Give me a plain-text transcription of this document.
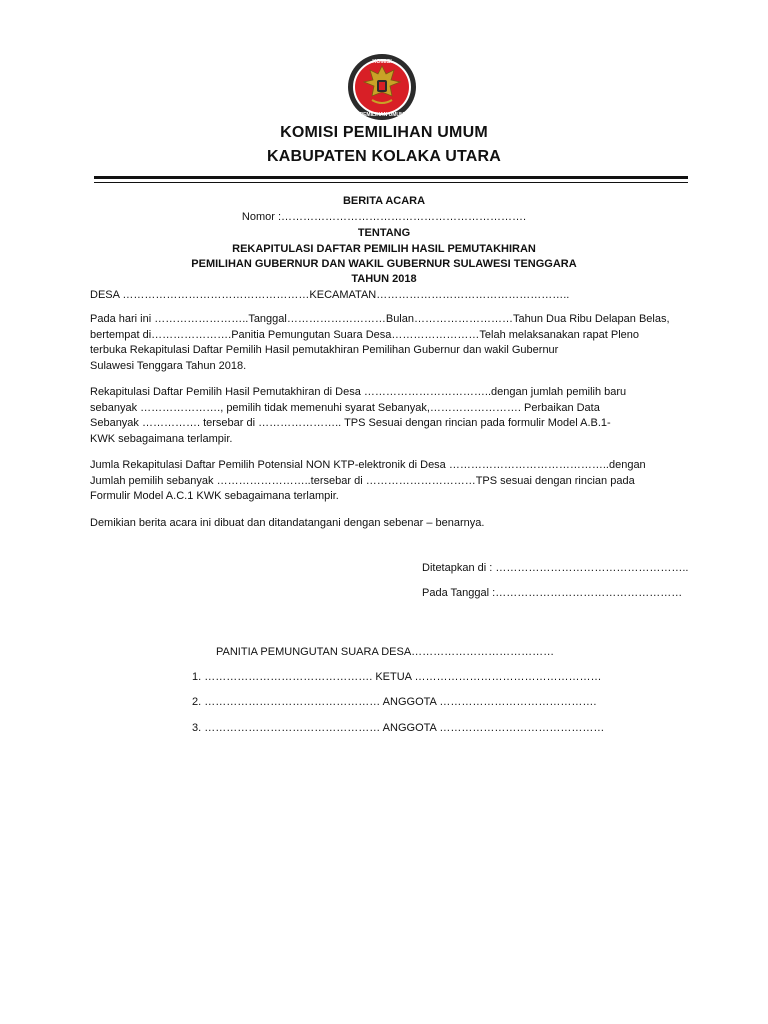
KOMISI
PEMILIHAN UMUM
KOMISI PEMILIHAN UMUM
KABUPATEN KOLAKA UTARA
BERITA ACARA
Nomor :………………………………………………………….
TENTANG
REKAPITULASI DAFTAR PEMILIH HASIL PEMUTAKHIRAN
PEMILIHAN GUBERNUR DAN WAKIL GUBERNUR SULAWESI TENGGARA
TAHUN 2018
DESA ……………………………………………KECAMATAN……………………………………………..
Pada hari ini ……………………..Tanggal………………………Bulan………………………Tahun Dua Ribu Delapan Belas,
bertempat di………………….Panitia Pemungutan Suara Desa……………………Telah melaksanakan rapat Pleno
terbuka Rekapitulasi Daftar Pemilih Hasil pemutakhiran Pemilihan Gubernur dan wakil Gubernur
Sulawesi Tenggara Tahun 2018.
Rekapitulasi Daftar Pemilih Hasil Pemutakhiran di Desa ……………………………..dengan jumlah pemilih baru
sebanyak …………………., pemilih tidak memenuhi syarat Sebanyak,……………………. Perbaikan Data
Sebanyak ……………. tersebar di ………………….. TPS Sesuai dengan rincian pada formulir Model A.B.1-
KWK sebagaimana terlampir.
Jumla Rekapitulasi Daftar Pemilih Potensial NON KTP-elektronik di Desa ……………………………………..dengan
Jumlah pemilih sebanyak ……………………..tersebar di …………………………TPS sesuai dengan rincian pada
Formulir Model A.C.1 KWK sebagaimana terlampir.
Demikian berita acara ini dibuat dan ditandatangani dengan sebenar – benarnya.
Ditetapkan di : ……………………………………………..
Pada Tanggal :……………………………………………
PANITIA PEMUNGUTAN SUARA DESA…………………………………
1. ………………………………………. KETUA ……………………………………………
2. ………………………………………… ANGGOTA …………………………………….
3. ………………………………………… ANGGOTA ………………………………………
